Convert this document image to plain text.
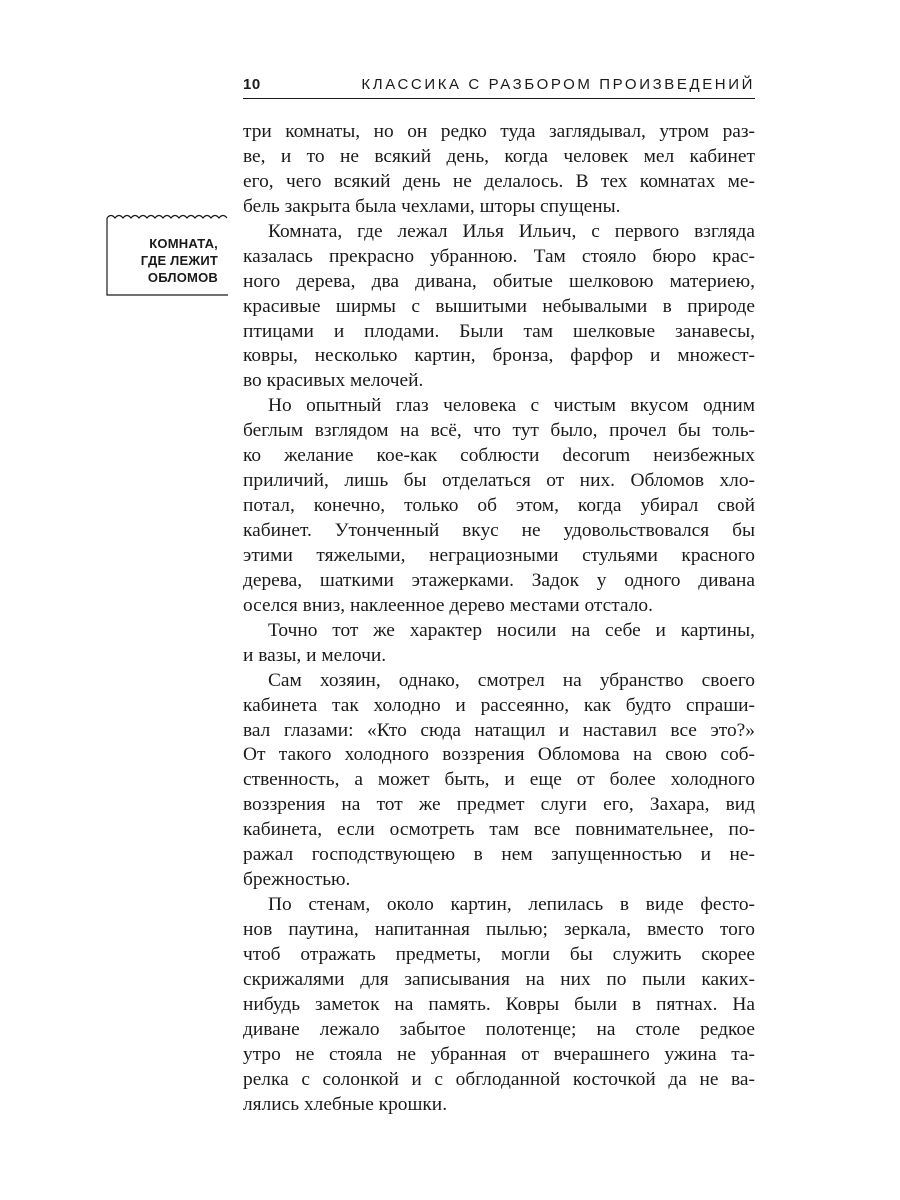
10	КЛАССИКА С РАЗБОРОМ ПРОИЗВЕДЕНИЙ
КОМНАТА,
ГДЕ ЛЕЖИТ
ОБЛОМОВ
три комнаты, но он редко туда заглядывал, утром раз-
ве, и то не всякий день, когда человек мел кабинет
его, чего всякий день не делалось. В тех комнатах ме-
бель закрыта была чехлами, шторы спущены.
Комната, где лежал Илья Ильич, с первого взгляда
казалась прекрасно убранною. Там стояло бюро крас-
ного дерева, два дивана, обитые шелковою материею,
красивые ширмы с вышитыми небывалыми в природе
птицами и плодами. Были там шелковые занавесы,
ковры, несколько картин, бронза, фарфор и множест-
во красивых мелочей.
Но опытный глаз человека с чистым вкусом одним
беглым взглядом на всё, что тут было, прочел бы толь-
ко желание кое-как соблюсти decorum неизбежных
приличий, лишь бы отделаться от них. Обломов хло-
потал, конечно, только об этом, когда убирал свой
кабинет. Утонченный вкус не удовольствовался бы
этими тяжелыми, неграциозными стульями красного
дерева, шаткими этажерками. Задок у одного дивана
оселся вниз, наклеенное дерево местами отстало.
Точно тот же характер носили на себе и картины,
и вазы, и мелочи.
Сам хозяин, однако, смотрел на убранство своего
кабинета так холодно и рассеянно, как будто спраши-
вал глазами: «Кто сюда натащил и наставил все это?»
От такого холодного воззрения Обломова на свою соб-
ственность, а может быть, и еще от более холодного
воззрения на тот же предмет слуги его, Захара, вид
кабинета, если осмотреть там все повнимательнее, по-
ражал господствующею в нем запущенностью и не-
брежностью.
По стенам, около картин, лепилась в виде фесто-
нов паутина, напитанная пылью; зеркала, вместо того
чтоб отражать предметы, могли бы служить скорее
скрижалями для записывания на них по пыли каких-
нибудь заметок на память. Ковры были в пятнах. На
диване лежало забытое полотенце; на столе редкое
утро не стояла не убранная от вчерашнего ужина та-
релка с солонкой и с обглоданной косточкой да не ва-
лялись хлебные крошки.
